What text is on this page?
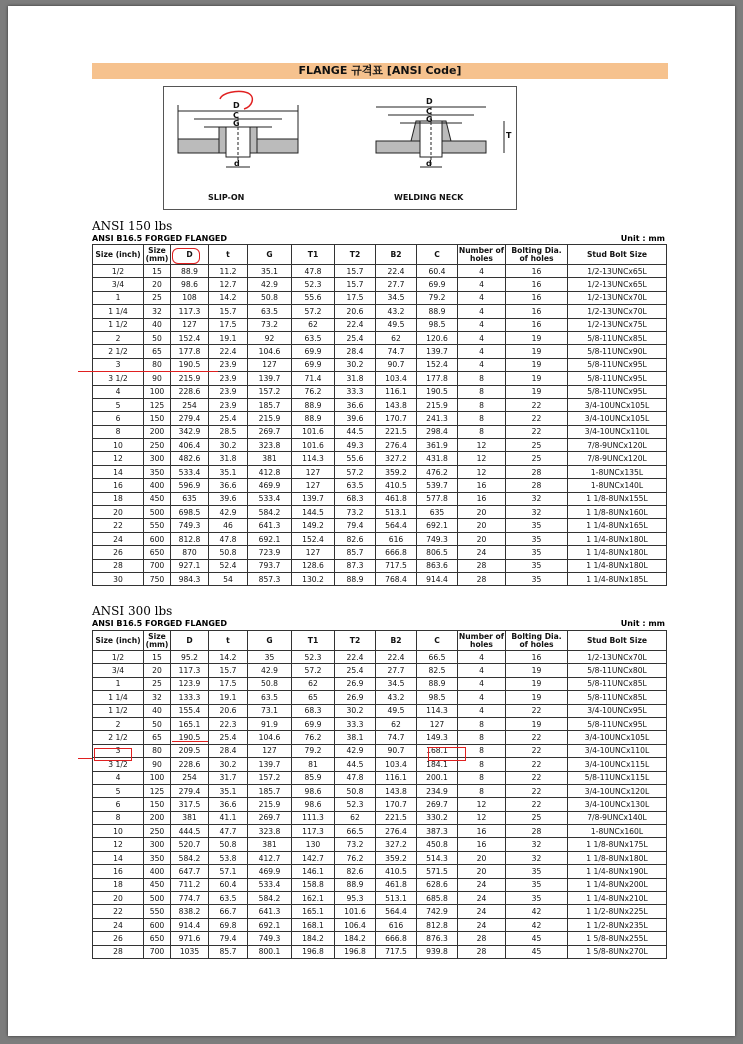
FLANGE 규격표 [ANSI Code]
D
C
G
d
D
C
G
d
T
SLIP-ON	WELDING NECK
ANSI 150 lbs
ANSI B16.5 FORGED FLANGED	Unit : mm
Size (inch)	Size (mm)	D	t	G	T1	T2	B2	C	Number of holes	Bolting Dia. of holes	Stud Bolt Size
1/2	15	88.9	11.2	35.1	47.8	15.7	22.4	60.4	4	16	1/2-13UNCx65L
3/4	20	98.6	12.7	42.9	52.3	15.7	27.7	69.9	4	16	1/2-13UNCx65L
1	25	108	14.2	50.8	55.6	17.5	34.5	79.2	4	16	1/2-13UNCx70L
1 1/4	32	117.3	15.7	63.5	57.2	20.6	43.2	88.9	4	16	1/2-13UNCx70L
1 1/2	40	127	17.5	73.2	62	22.4	49.5	98.5	4	16	1/2-13UNCx75L
2	50	152.4	19.1	92	63.5	25.4	62	120.6	4	19	5/8-11UNCx85L
2 1/2	65	177.8	22.4	104.6	69.9	28.4	74.7	139.7	4	19	5/8-11UNCx90L
3	80	190.5	23.9	127	69.9	30.2	90.7	152.4	4	19	5/8-11UNCx95L
3 1/2	90	215.9	23.9	139.7	71.4	31.8	103.4	177.8	8	19	5/8-11UNCx95L
4	100	228.6	23.9	157.2	76.2	33.3	116.1	190.5	8	19	5/8-11UNCx95L
5	125	254	23.9	185.7	88.9	36.6	143.8	215.9	8	22	3/4-10UNCx105L
6	150	279.4	25.4	215.9	88.9	39.6	170.7	241.3	8	22	3/4-10UNCx105L
8	200	342.9	28.5	269.7	101.6	44.5	221.5	298.4	8	22	3/4-10UNCx110L
10	250	406.4	30.2	323.8	101.6	49.3	276.4	361.9	12	25	7/8-9UNCx120L
12	300	482.6	31.8	381	114.3	55.6	327.2	431.8	12	25	7/8-9UNCx120L
14	350	533.4	35.1	412.8	127	57.2	359.2	476.2	12	28	1-8UNCx135L
16	400	596.9	36.6	469.9	127	63.5	410.5	539.7	16	28	1-8UNCx140L
18	450	635	39.6	533.4	139.7	68.3	461.8	577.8	16	32	1 1/8-8UNx155L
20	500	698.5	42.9	584.2	144.5	73.2	513.1	635	20	32	1 1/8-8UNx160L
22	550	749.3	46	641.3	149.2	79.4	564.4	692.1	20	35	1 1/4-8UNx165L
24	600	812.8	47.8	692.1	152.4	82.6	616	749.3	20	35	1 1/4-8UNx180L
26	650	870	50.8	723.9	127	85.7	666.8	806.5	24	35	1 1/4-8UNx180L
28	700	927.1	52.4	793.7	128.6	87.3	717.5	863.6	28	35	1 1/4-8UNx180L
30	750	984.3	54	857.3	130.2	88.9	768.4	914.4	28	35	1 1/4-8UNx185L
ANSI 300 lbs
ANSI B16.5 FORGED FLANGED	Unit : mm
Size (inch)	Size (mm)	D	t	G	T1	T2	B2	C	Number of holes	Bolting Dia. of holes	Stud Bolt Size
1/2	15	95.2	14.2	35	52.3	22.4	22.4	66.5	4	16	1/2-13UNCx70L
3/4	20	117.3	15.7	42.9	57.2	25.4	27.7	82.5	4	19	5/8-11UNCx80L
1	25	123.9	17.5	50.8	62	26.9	34.5	88.9	4	19	5/8-11UNCx85L
1 1/4	32	133.3	19.1	63.5	65	26.9	43.2	98.5	4	19	5/8-11UNCx85L
1 1/2	40	155.4	20.6	73.1	68.3	30.2	49.5	114.3	4	22	3/4-10UNCx95L
2	50	165.1	22.3	91.9	69.9	33.3	62	127	8	19	5/8-11UNCx95L
2 1/2	65	190.5	25.4	104.6	76.2	38.1	74.7	149.3	8	22	3/4-10UNCx105L
3	80	209.5	28.4	127	79.2	42.9	90.7	168.1	8	22	3/4-10UNCx110L
3 1/2	90	228.6	30.2	139.7	81	44.5	103.4	184.1	8	22	3/4-10UNCx115L
4	100	254	31.7	157.2	85.9	47.8	116.1	200.1	8	22	5/8-11UNCx115L
5	125	279.4	35.1	185.7	98.6	50.8	143.8	234.9	8	22	3/4-10UNCx120L
6	150	317.5	36.6	215.9	98.6	52.3	170.7	269.7	12	22	3/4-10UNCx130L
8	200	381	41.1	269.7	111.3	62	221.5	330.2	12	25	7/8-9UNCx140L
10	250	444.5	47.7	323.8	117.3	66.5	276.4	387.3	16	28	1-8UNCx160L
12	300	520.7	50.8	381	130	73.2	327.2	450.8	16	32	1 1/8-8UNx175L
14	350	584.2	53.8	412.7	142.7	76.2	359.2	514.3	20	32	1 1/8-8UNx180L
16	400	647.7	57.1	469.9	146.1	82.6	410.5	571.5	20	35	1 1/4-8UNx190L
18	450	711.2	60.4	533.4	158.8	88.9	461.8	628.6	24	35	1 1/4-8UNx200L
20	500	774.7	63.5	584.2	162.1	95.3	513.1	685.8	24	35	1 1/4-8UNx210L
22	550	838.2	66.7	641.3	165.1	101.6	564.4	742.9	24	42	1 1/2-8UNx225L
24	600	914.4	69.8	692.1	168.1	106.4	616	812.8	24	42	1 1/2-8UNx235L
26	650	971.6	79.4	749.3	184.2	184.2	666.8	876.3	28	45	1 5/8-8UNx255L
28	700	1035	85.7	800.1	196.8	196.8	717.5	939.8	28	45	1 5/8-8UNx270L
